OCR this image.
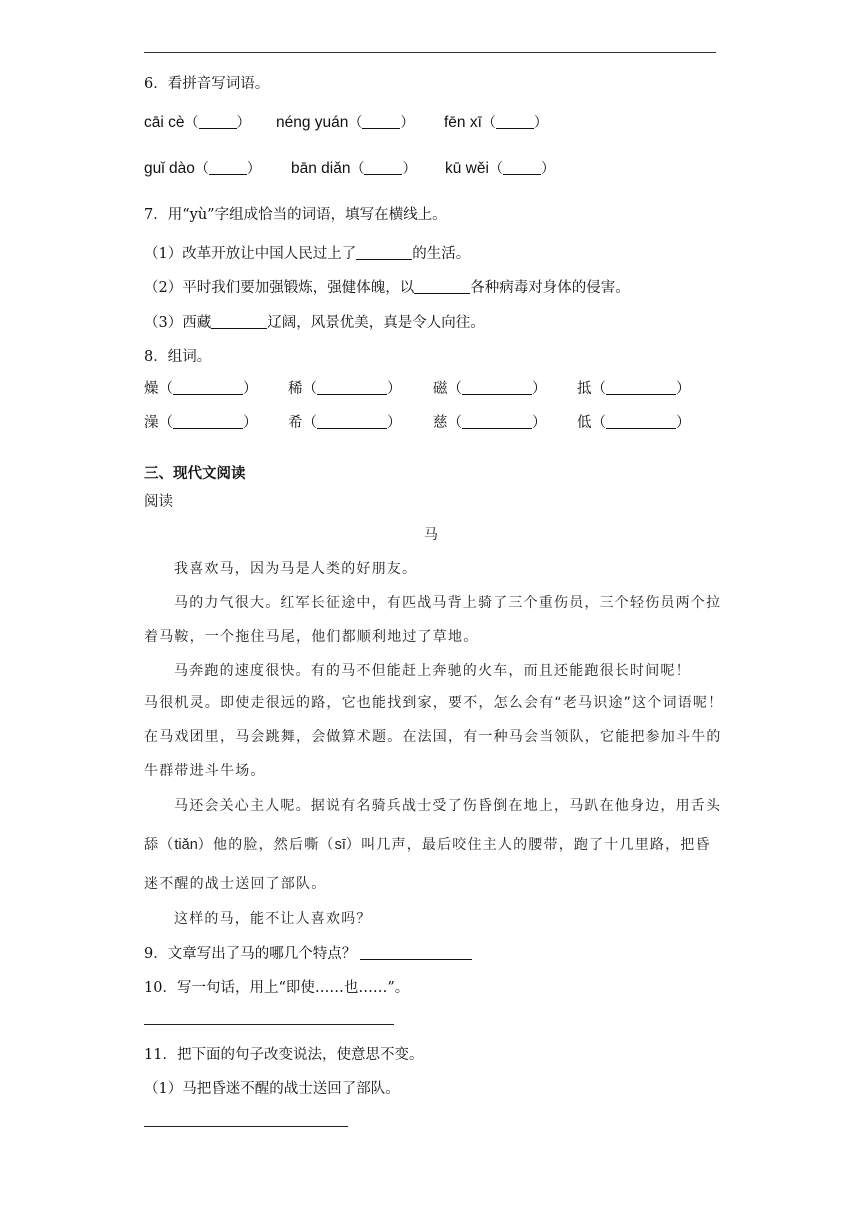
6．看拼音写词语。
cāi cè（	） néng yuán（	） fēn xī（	）
guǐ dào（	） bān diǎn（	） kū wěi（	）
7．用“yù”字组成恰当的词语，填写在横线上。
（1）改革开放让中国人民过上了	的生活。
（2）平时我们要加强锻炼，强健体魄，以	各种病毒对身体的侵害。
（3）西藏	辽阔，风景优美，真是令人向往。
8．组词。
燥（	） 稀（	） 磁（	） 抵（	）
澡（	） 希（	） 慈（	） 低（	）
三、现代文阅读
阅读
马
我喜欢马，因为马是人类的好朋友。
马的力气很大。红军长征途中，有匹战马背上骑了三个重伤员，三个轻伤员两个拉
着马鞍，一个拖住马尾，他们都顺利地过了草地。
马奔跑的速度很快。有的马不但能赶上奔驰的火车，而且还能跑很长时间呢！
马很机灵。即使走很远的路，它也能找到家，要不，怎么会有“老马识途”这个词语呢！
在马戏团里，马会跳舞，会做算术题。在法国，有一种马会当领队，它能把参加斗牛的
牛群带进斗牛场。
马还会关心主人呢。据说有名骑兵战士受了伤昏倒在地上，马趴在他身边，用舌头
舔（tiǎn）他的脸，然后嘶（sī）叫几声，最后咬住主人的腰带，跑了十几里路，把昏
迷不醒的战士送回了部队。
这样的马，能不让人喜欢吗？
9．文章写出了马的哪几个特点？
10．写一句话，用上“即使……也……”。
11．把下面的句子改变说法，使意思不变。
（1）马把昏迷不醒的战士送回了部队。
